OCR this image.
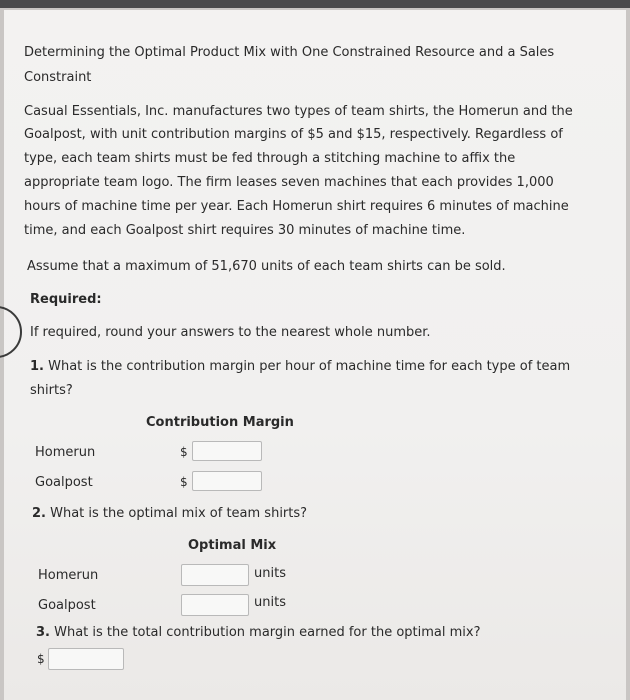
Determining the Optimal Product Mix with One Constrained Resource and a Sales
Constraint
Casual Essentials, Inc. manufactures two types of team shirts, the Homerun and the
Goalpost, with unit contribution margins of $5 and $15, respectively. Regardless of
type, each team shirts must be fed through a stitching machine to affix the
appropriate team logo. The firm leases seven machines that each provides 1,000
hours of machine time per year. Each Homerun shirt requires 6 minutes of machine
time, and each Goalpost shirt requires 30 minutes of machine time.
Assume that a maximum of 51,670 units of each team shirts can be sold.
Required:
If required, round your answers to the nearest whole number.
1. What is the contribution margin per hour of machine time for each type of team
shirts?
Contribution Margin
Homerun	$
Goalpost	$
2. What is the optimal mix of team shirts?
Optimal Mix
Homerun	units
Goalpost	units
3. What is the total contribution margin earned for the optimal mix?
$
